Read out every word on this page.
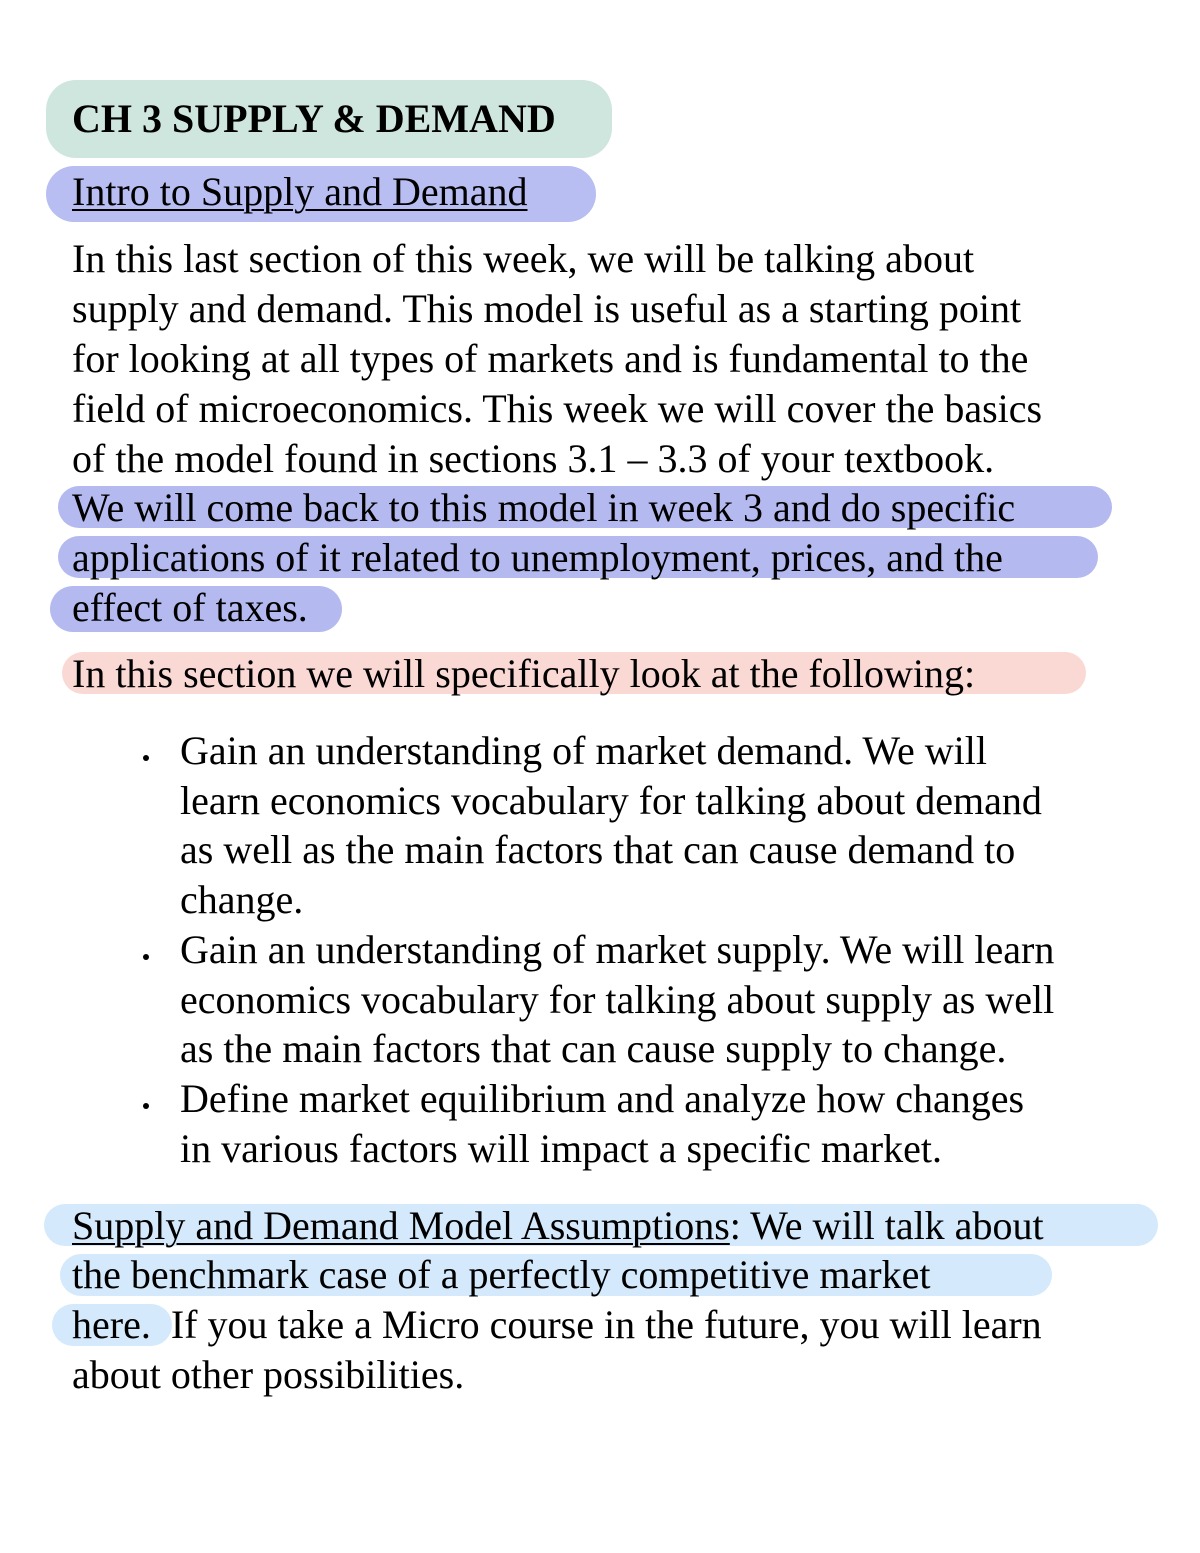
CH 3 SUPPLY & DEMAND
Intro to Supply and Demand
In this last section of this week, we will be talking about
supply and demand. This model is useful as a starting point
for looking at all types of markets and is fundamental to the
field of microeconomics. This week we will cover the basics
of the model found in sections 3.1 – 3.3 of your textbook.
We will come back to this model in week 3 and do specific
applications of it related to unemployment, prices, and the
effect of taxes.
In this section we will specifically look at the following:
Gain an understanding of market demand. We will
learn economics vocabulary for talking about demand
as well as the main factors that can cause demand to
change.
Gain an understanding of market supply. We will learn
economics vocabulary for talking about supply as well
as the main factors that can cause supply to change.
Define market equilibrium and analyze how changes
in various factors will impact a specific market.
Supply and Demand Model Assumptions: We will talk about
the benchmark case of a perfectly competitive market
here.  If you take a Micro course in the future, you will learn
about other possibilities.
